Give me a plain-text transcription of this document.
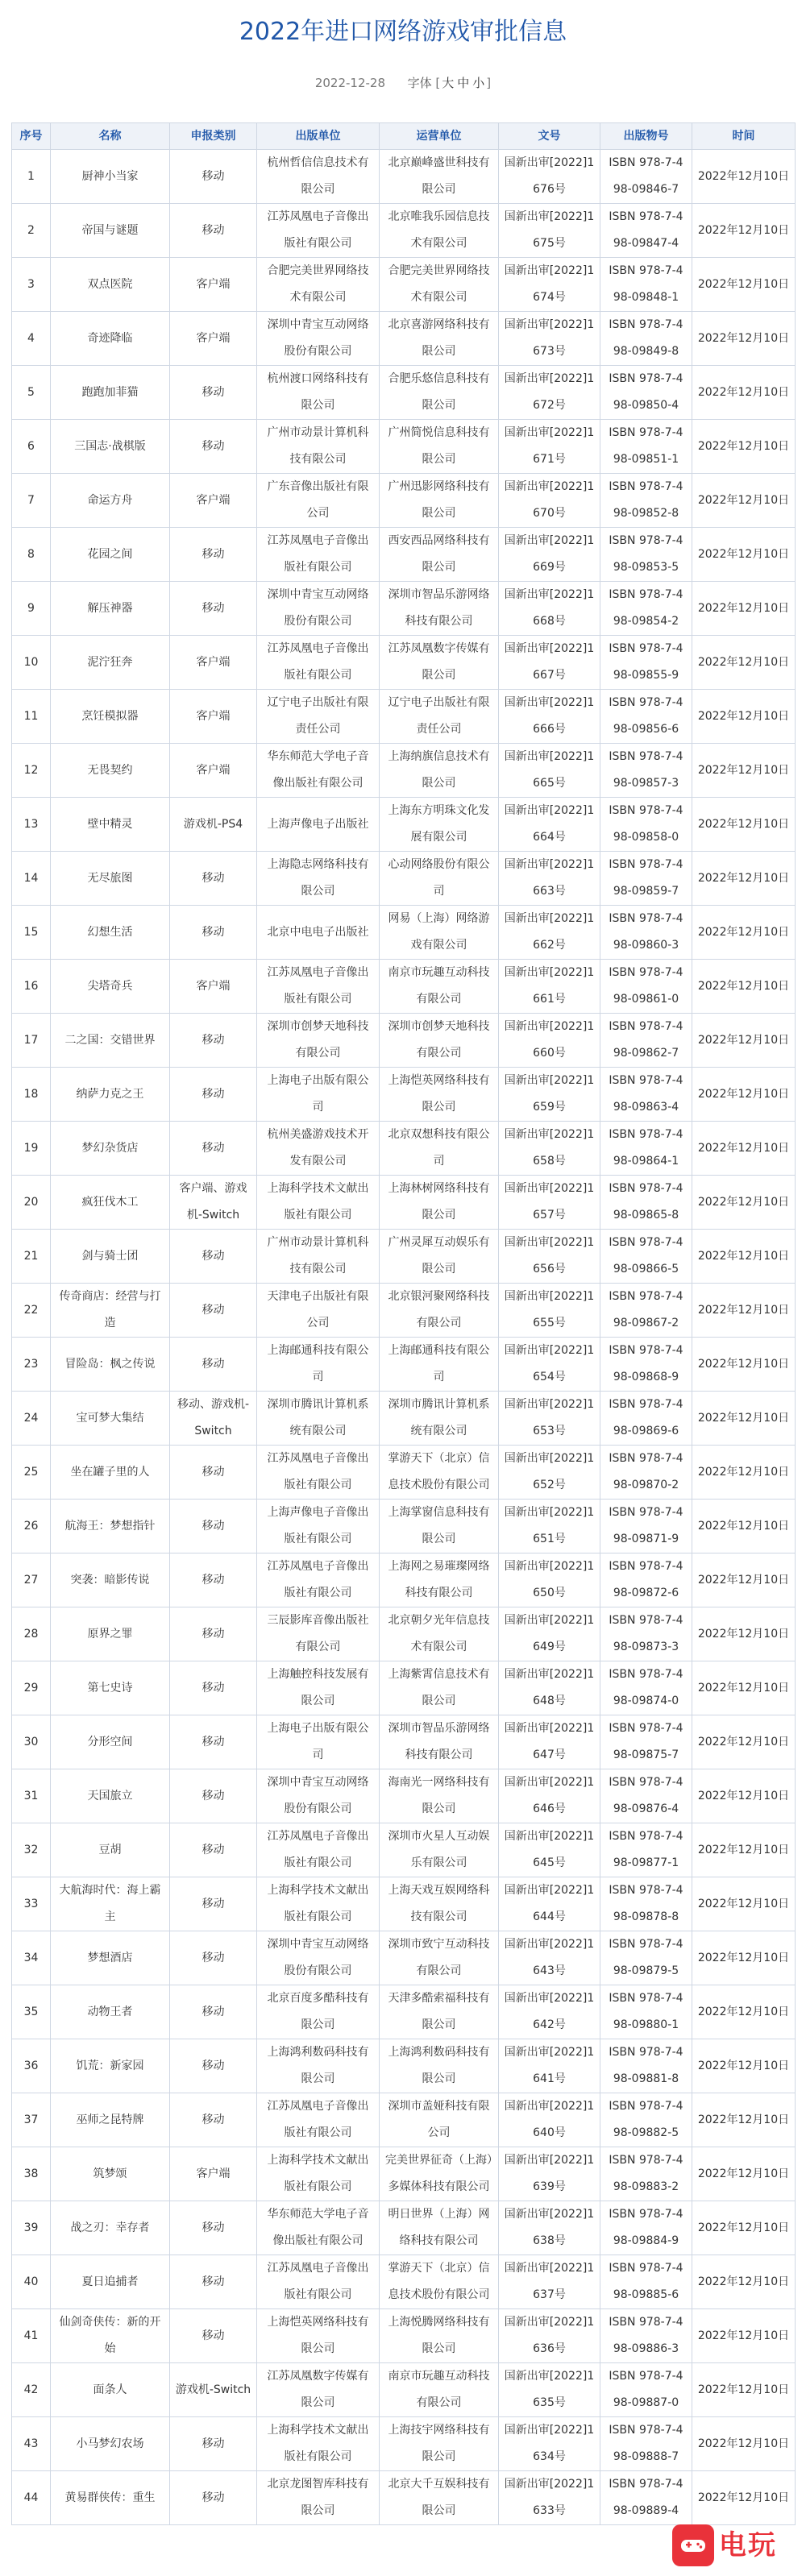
2022年进口网络游戏审批信息
2022-12-28 字体 [ 大 中 小 ]
序号	名称	申报类别	出版单位	运营单位	文号	出版物号	时间
1	厨神小当家	移动	杭州哲信信息技术有限公司	北京巅峰盛世科技有限公司	国新出审[2022]1676号	ISBN 978-7-498-09846-7	2022年12月10日
2	帝国与谜题	移动	江苏凤凰电子音像出版社有限公司	北京唯我乐园信息技术有限公司	国新出审[2022]1675号	ISBN 978-7-498-09847-4	2022年12月10日
3	双点医院	客户端	合肥完美世界网络技术有限公司	合肥完美世界网络技术有限公司	国新出审[2022]1674号	ISBN 978-7-498-09848-1	2022年12月10日
4	奇迹降临	客户端	深圳中青宝互动网络股份有限公司	北京喜游网络科技有限公司	国新出审[2022]1673号	ISBN 978-7-498-09849-8	2022年12月10日
5	跑跑加菲猫	移动	杭州渡口网络科技有限公司	合肥乐悠信息科技有限公司	国新出审[2022]1672号	ISBN 978-7-498-09850-4	2022年12月10日
6	三国志·战棋版	移动	广州市动景计算机科技有限公司	广州简悦信息科技有限公司	国新出审[2022]1671号	ISBN 978-7-498-09851-1	2022年12月10日
7	命运方舟	客户端	广东音像出版社有限公司	广州迅影网络科技有限公司	国新出审[2022]1670号	ISBN 978-7-498-09852-8	2022年12月10日
8	花园之间	移动	江苏凤凰电子音像出版社有限公司	西安西品网络科技有限公司	国新出审[2022]1669号	ISBN 978-7-498-09853-5	2022年12月10日
9	解压神器	移动	深圳中青宝互动网络股份有限公司	深圳市智品乐游网络科技有限公司	国新出审[2022]1668号	ISBN 978-7-498-09854-2	2022年12月10日
10	泥泞狂奔	客户端	江苏凤凰电子音像出版社有限公司	江苏凤凰数字传媒有限公司	国新出审[2022]1667号	ISBN 978-7-498-09855-9	2022年12月10日
11	烹饪模拟器	客户端	辽宁电子出版社有限责任公司	辽宁电子出版社有限责任公司	国新出审[2022]1666号	ISBN 978-7-498-09856-6	2022年12月10日
12	无畏契约	客户端	华东师范大学电子音像出版社有限公司	上海纳旗信息技术有限公司	国新出审[2022]1665号	ISBN 978-7-498-09857-3	2022年12月10日
13	壁中精灵	游戏机-PS4	上海声像电子出版社	上海东方明珠文化发展有限公司	国新出审[2022]1664号	ISBN 978-7-498-09858-0	2022年12月10日
14	无尽旅图	移动	上海隐志网络科技有限公司	心动网络股份有限公司	国新出审[2022]1663号	ISBN 978-7-498-09859-7	2022年12月10日
15	幻想生活	移动	北京中电电子出版社	网易（上海）网络游戏有限公司	国新出审[2022]1662号	ISBN 978-7-498-09860-3	2022年12月10日
16	尖塔奇兵	客户端	江苏凤凰电子音像出版社有限公司	南京市玩趣互动科技有限公司	国新出审[2022]1661号	ISBN 978-7-498-09861-0	2022年12月10日
17	二之国：交错世界	移动	深圳市创梦天地科技有限公司	深圳市创梦天地科技有限公司	国新出审[2022]1660号	ISBN 978-7-498-09862-7	2022年12月10日
18	纳萨力克之王	移动	上海电子出版有限公司	上海恺英网络科技有限公司	国新出审[2022]1659号	ISBN 978-7-498-09863-4	2022年12月10日
19	梦幻杂货店	移动	杭州美盛游戏技术开发有限公司	北京双想科技有限公司	国新出审[2022]1658号	ISBN 978-7-498-09864-1	2022年12月10日
20	疯狂伐木工	客户端、游戏机-Switch	上海科学技术文献出版社有限公司	上海林树网络科技有限公司	国新出审[2022]1657号	ISBN 978-7-498-09865-8	2022年12月10日
21	剑与骑士团	移动	广州市动景计算机科技有限公司	广州灵犀互动娱乐有限公司	国新出审[2022]1656号	ISBN 978-7-498-09866-5	2022年12月10日
22	传奇商店：经营与打造	移动	天津电子出版社有限公司	北京银河聚网络科技有限公司	国新出审[2022]1655号	ISBN 978-7-498-09867-2	2022年12月10日
23	冒险岛：枫之传说	移动	上海邮通科技有限公司	上海邮通科技有限公司	国新出审[2022]1654号	ISBN 978-7-498-09868-9	2022年12月10日
24	宝可梦大集结	移动、游戏机-Switch	深圳市腾讯计算机系统有限公司	深圳市腾讯计算机系统有限公司	国新出审[2022]1653号	ISBN 978-7-498-09869-6	2022年12月10日
25	坐在罐子里的人	移动	江苏凤凰电子音像出版社有限公司	掌游天下（北京）信息技术股份有限公司	国新出审[2022]1652号	ISBN 978-7-498-09870-2	2022年12月10日
26	航海王：梦想指针	移动	上海声像电子音像出版社有限公司	上海掌窗信息科技有限公司	国新出审[2022]1651号	ISBN 978-7-498-09871-9	2022年12月10日
27	突袭：暗影传说	移动	江苏凤凰电子音像出版社有限公司	上海网之易璀璨网络科技有限公司	国新出审[2022]1650号	ISBN 978-7-498-09872-6	2022年12月10日
28	原界之罪	移动	三辰影库音像出版社有限公司	北京朝夕光年信息技术有限公司	国新出审[2022]1649号	ISBN 978-7-498-09873-3	2022年12月10日
29	第七史诗	移动	上海触控科技发展有限公司	上海紫霄信息技术有限公司	国新出审[2022]1648号	ISBN 978-7-498-09874-0	2022年12月10日
30	分形空间	移动	上海电子出版有限公司	深圳市智品乐游网络科技有限公司	国新出审[2022]1647号	ISBN 978-7-498-09875-7	2022年12月10日
31	天国旅立	移动	深圳中青宝互动网络股份有限公司	海南光一网络科技有限公司	国新出审[2022]1646号	ISBN 978-7-498-09876-4	2022年12月10日
32	豆胡	移动	江苏凤凰电子音像出版社有限公司	深圳市火星人互动娱乐有限公司	国新出审[2022]1645号	ISBN 978-7-498-09877-1	2022年12月10日
33	大航海时代：海上霸主	移动	上海科学技术文献出版社有限公司	上海天戏互娱网络科技有限公司	国新出审[2022]1644号	ISBN 978-7-498-09878-8	2022年12月10日
34	梦想酒店	移动	深圳中青宝互动网络股份有限公司	深圳市致宁互动科技有限公司	国新出审[2022]1643号	ISBN 978-7-498-09879-5	2022年12月10日
35	动物王者	移动	北京百度多酷科技有限公司	天津多酷索福科技有限公司	国新出审[2022]1642号	ISBN 978-7-498-09880-1	2022年12月10日
36	饥荒：新家园	移动	上海鸿利数码科技有限公司	上海鸿利数码科技有限公司	国新出审[2022]1641号	ISBN 978-7-498-09881-8	2022年12月10日
37	巫师之昆特牌	移动	江苏凤凰电子音像出版社有限公司	深圳市盖娅科技有限公司	国新出审[2022]1640号	ISBN 978-7-498-09882-5	2022年12月10日
38	筑梦颂	客户端	上海科学技术文献出版社有限公司	完美世界征奇（上海）多媒体科技有限公司	国新出审[2022]1639号	ISBN 978-7-498-09883-2	2022年12月10日
39	战之刃：幸存者	移动	华东师范大学电子音像出版社有限公司	明日世界（上海）网络科技有限公司	国新出审[2022]1638号	ISBN 978-7-498-09884-9	2022年12月10日
40	夏日追捕者	移动	江苏凤凰电子音像出版社有限公司	掌游天下（北京）信息技术股份有限公司	国新出审[2022]1637号	ISBN 978-7-498-09885-6	2022年12月10日
41	仙剑奇侠传：新的开始	移动	上海恺英网络科技有限公司	上海悦腾网络科技有限公司	国新出审[2022]1636号	ISBN 978-7-498-09886-3	2022年12月10日
42	面条人	游戏机-Switch	江苏凤凰数字传媒有限公司	南京市玩趣互动科技有限公司	国新出审[2022]1635号	ISBN 978-7-498-09887-0	2022年12月10日
43	小马梦幻农场	移动	上海科学技术文献出版社有限公司	上海技宇网络科技有限公司	国新出审[2022]1634号	ISBN 978-7-498-09888-7	2022年12月10日
44	黄易群侠传：重生	移动	北京龙图智库科技有限公司	北京大千互娱科技有限公司	国新出审[2022]1633号	ISBN 978-7-498-09889-4	2022年12月10日
电玩
